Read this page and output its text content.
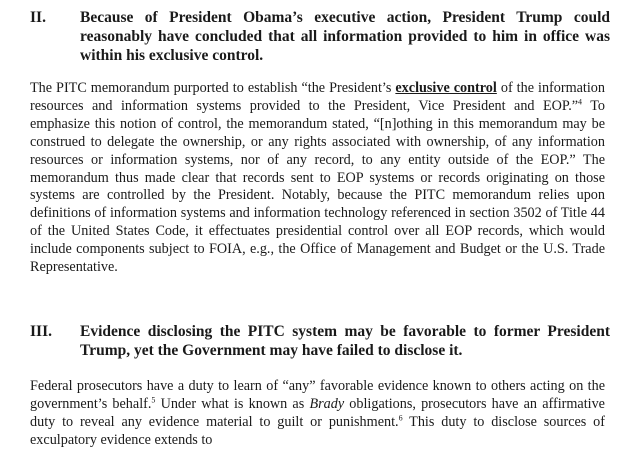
II.	Because of President Obama’s executive action, President Trump could reasonably have concluded that all information provided to him in office was within his exclusive control.

The PITC memorandum purported to establish “the President’s exclusive control of the information resources and information systems provided to the President, Vice President and EOP.”$^4$ To emphasize this notion of control, the memorandum stated, “[n]othing in this memorandum may be construed to delegate the ownership, or any rights associated with ownership, of any information resources or information systems, nor of any record, to any entity outside of the EOP.” The memorandum thus made clear that records sent to EOP systems or records originating on those systems are controlled by the President. Notably, because the PITC memorandum relies upon definitions of information systems and information technology referenced in section 3502 of Title 44 of the United States Code, it effectuates presidential control over all EOP records, which would include components subject to FOIA, e.g., the Office of Management and Budget or the U.S. Trade Representative.

III.	Evidence disclosing the PITC system may be favorable to former President Trump, yet the Government may have failed to disclose it.

Federal prosecutors have a duty to learn of “any” favorable evidence known to others acting on the government’s behalf.$^5$ Under what is known as Brady obligations, prosecutors have an affirmative duty to reveal any evidence material to guilt or punishment.$^6$ This duty to disclose sources of exculpatory evidence extends to
